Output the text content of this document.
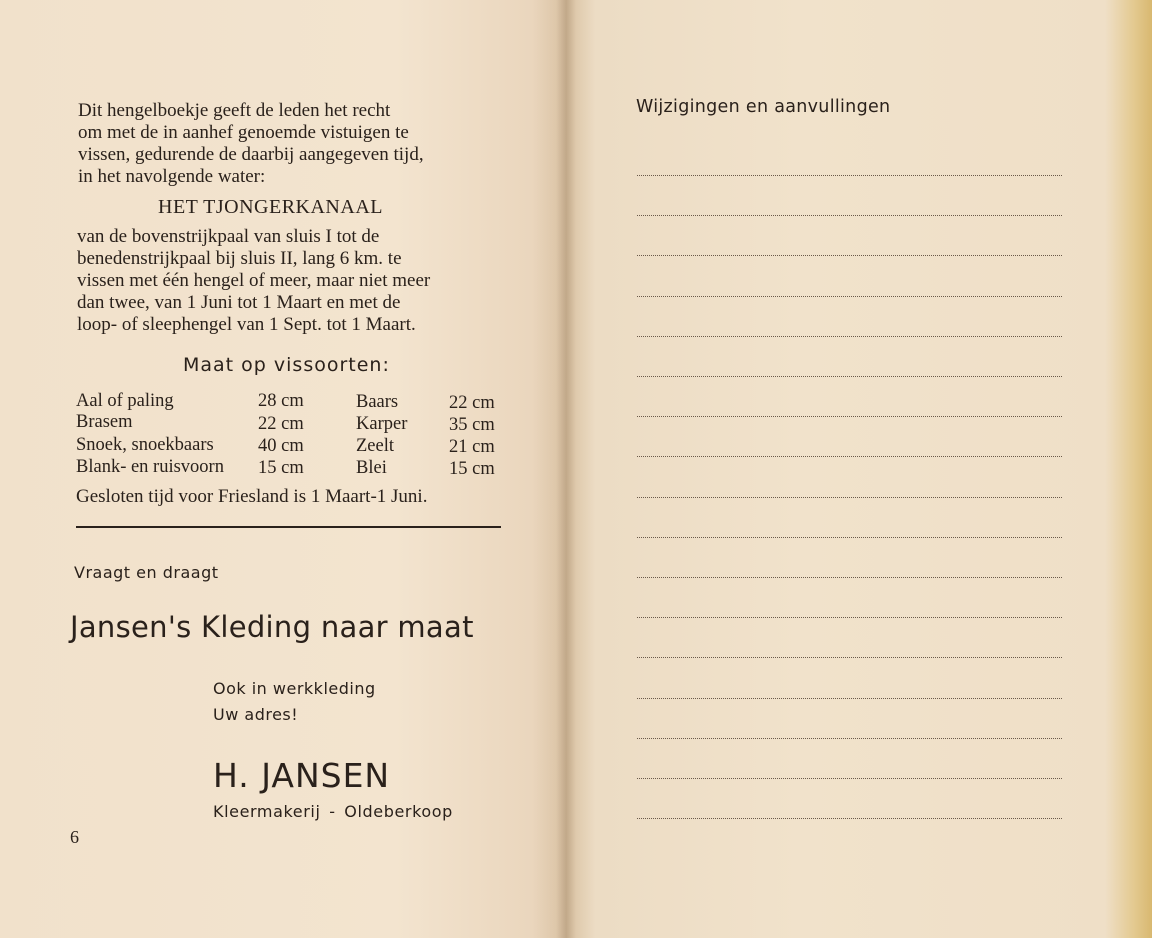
Dit hengelboekje geeft de leden het recht
om met de in aanhef genoemde vistuigen te
vissen, gedurende de daarbij aangegeven tijd,
in het navolgende water:
HET TJONGERKANAAL
van de bovenstrijkpaal van sluis I tot de
benedenstrijkpaal bij sluis II, lang 6 km. te
vissen met één hengel of meer, maar niet meer
dan twee, van 1 Juni tot 1 Maart en met de
loop- of sleephengel van 1 Sept. tot 1 Maart.
Maat op vissoorten:
Aal of paling	28 cm	Baars	22 cm
Brasem	22 cm	Karper 35 cm
Snoek, snoekbaars 40 cm	Zeelt	21 cm
Blank- en ruisvoorn 15 cm	Blei	15 cm
Gesloten tijd voor Friesland is 1 Maart-1 Juni.
Vraagt en draagt
Jansen's Kleding naar maat
Ook in werkkleding
Uw adres!
H. JANSEN
Kleermakerij - Oldeberkoop
6
Wijzigingen en aanvullingen
